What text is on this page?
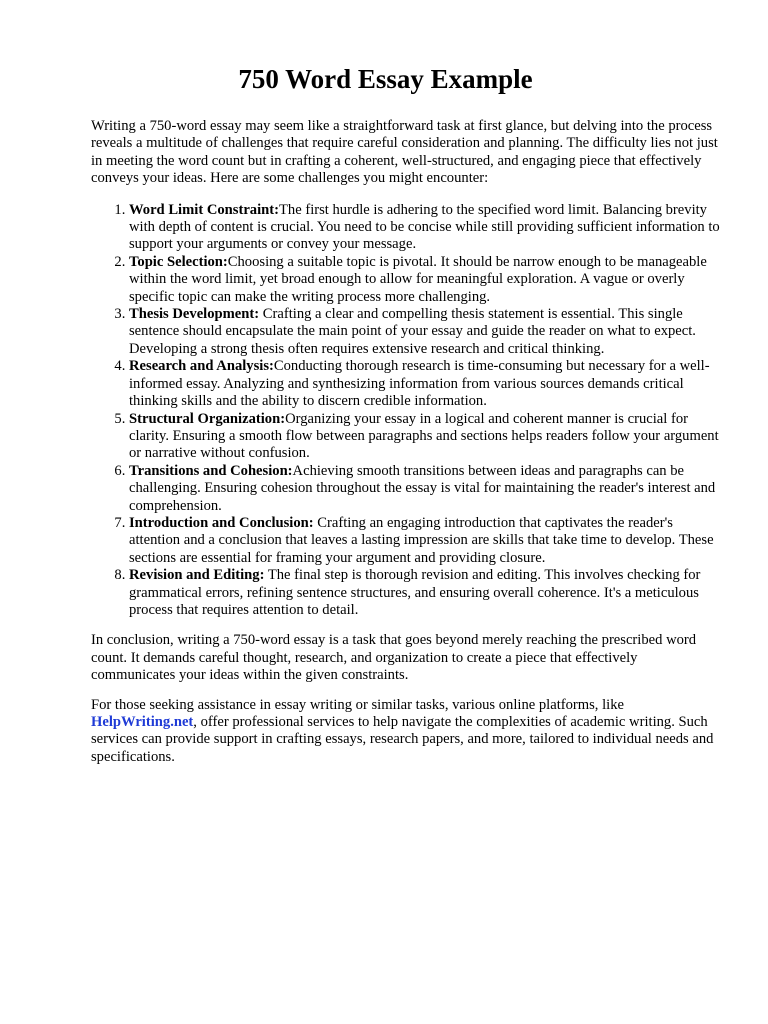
750 Word Essay Example

Writing a 750-word essay may seem like a straightforward task at first glance, but delving into the process reveals a multitude of challenges that require careful consideration and planning. The difficulty lies not just in meeting the word count but in crafting a coherent, well-structured, and engaging piece that effectively conveys your ideas. Here are some challenges you might encounter:

1. Word Limit Constraint:The first hurdle is adhering to the specified word limit. Balancing brevity with depth of content is crucial. You need to be concise while still providing sufficient information to support your arguments or convey your message.
2. Topic Selection:Choosing a suitable topic is pivotal. It should be narrow enough to be manageable within the word limit, yet broad enough to allow for meaningful exploration. A vague or overly specific topic can make the writing process more challenging.
3. Thesis Development: Crafting a clear and compelling thesis statement is essential. This single sentence should encapsulate the main point of your essay and guide the reader on what to expect. Developing a strong thesis often requires extensive research and critical thinking.
4. Research and Analysis:Conducting thorough research is time-consuming but necessary for a well-informed essay. Analyzing and synthesizing information from various sources demands critical thinking skills and the ability to discern credible information.
5. Structural Organization:Organizing your essay in a logical and coherent manner is crucial for clarity. Ensuring a smooth flow between paragraphs and sections helps readers follow your argument or narrative without confusion.
6. Transitions and Cohesion:Achieving smooth transitions between ideas and paragraphs can be challenging. Ensuring cohesion throughout the essay is vital for maintaining the reader's interest and comprehension.
7. Introduction and Conclusion: Crafting an engaging introduction that captivates the reader's attention and a conclusion that leaves a lasting impression are skills that take time to develop. These sections are essential for framing your argument and providing closure.
8. Revision and Editing: The final step is thorough revision and editing. This involves checking for grammatical errors, refining sentence structures, and ensuring overall coherence. It's a meticulous process that requires attention to detail.

In conclusion, writing a 750-word essay is a task that goes beyond merely reaching the prescribed word count. It demands careful thought, research, and organization to create a piece that effectively communicates your ideas within the given constraints.

For those seeking assistance in essay writing or similar tasks, various online platforms, like HelpWriting.net, offer professional services to help navigate the complexities of academic writing. Such services can provide support in crafting essays, research papers, and more, tailored to individual needs and specifications.
